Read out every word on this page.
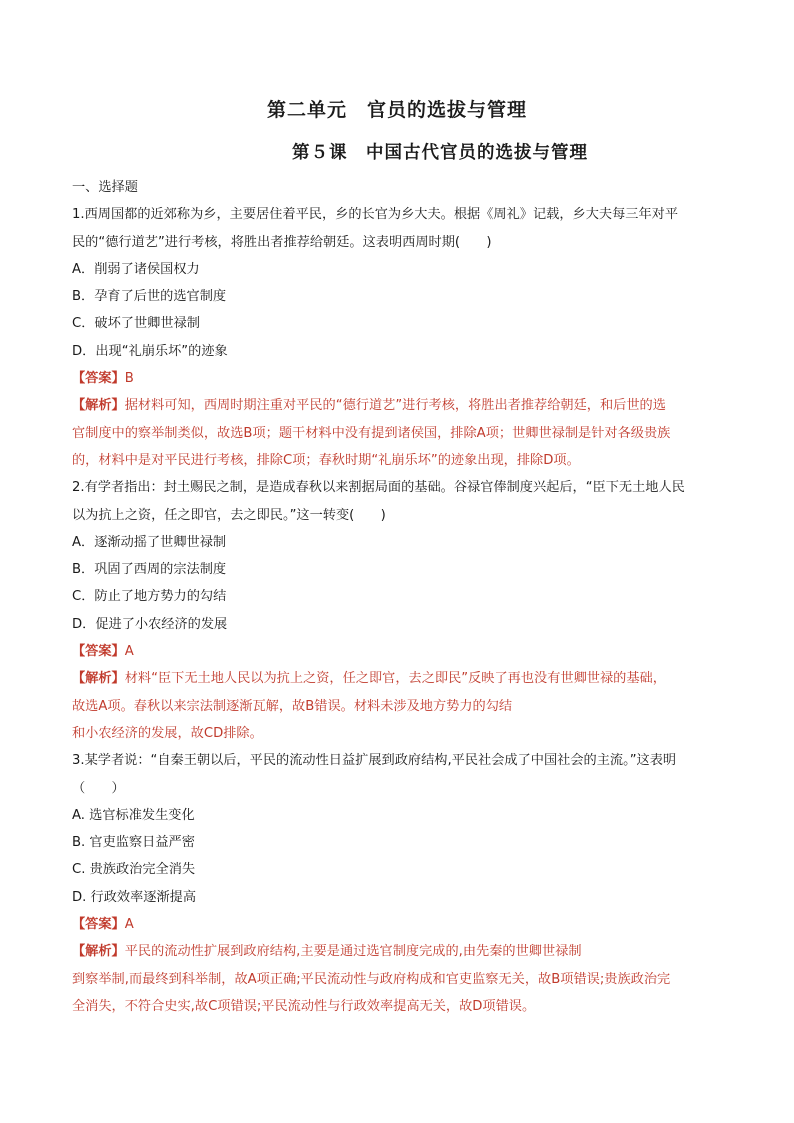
第二单元　官员的选拔与管理
第５课　中国古代官员的选拔与管理
一、选择题
1.西周国都的近郊称为乡，主要居住着平民，乡的长官为乡大夫。根据《周礼》记载，乡大夫每三年对平
民的“德行道艺”进行考核，将胜出者推荐给朝廷。这表明西周时期(　　)
A．削弱了诸侯国权力
B．孕育了后世的选官制度
C．破坏了世卿世禄制
D．出现“礼崩乐坏”的迹象
【答案】B
【解析】据材料可知，西周时期注重对平民的“德行道艺”进行考核，将胜出者推荐给朝廷，和后世的选
官制度中的察举制类似，故选B项；题干材料中没有提到诸侯国，排除A项；世卿世禄制是针对各级贵族
的，材料中是对平民进行考核，排除C项；春秋时期“礼崩乐坏”的迹象出现，排除D项。
2.有学者指出：封土赐民之制，是造成春秋以来割据局面的基础。谷禄官俸制度兴起后，“臣下无土地人民
以为抗上之资，任之即官，去之即民。”这一转变(　　)
A．逐渐动摇了世卿世禄制
B．巩固了西周的宗法制度
C．防止了地方势力的勾结
D．促进了小农经济的发展
【答案】A
【解析】材料“臣下无土地人民以为抗上之资，任之即官，去之即民”反映了再也没有世卿世禄的基础，
故选A项。春秋以来宗法制逐渐瓦解，故B错误。材料未涉及地方势力的勾结
和小农经济的发展，故CD排除。
3.某学者说：“自秦王朝以后，平民的流动性日益扩展到政府结构,平民社会成了中国社会的主流。”这表明
（　　）
A. 选官标准发生变化
B. 官吏监察日益严密
C. 贵族政治完全消失
D. 行政效率逐渐提高
【答案】A
【解析】平民的流动性扩展到政府结构,主要是通过选官制度完成的,由先秦的世卿世禄制
到察举制,而最终到科举制，故A项正确;平民流动性与政府构成和官吏监察无关，故B项错误;贵族政治完
全消失，不符合史实,故C项错误;平民流动性与行政效率提高无关，故D项错误。
